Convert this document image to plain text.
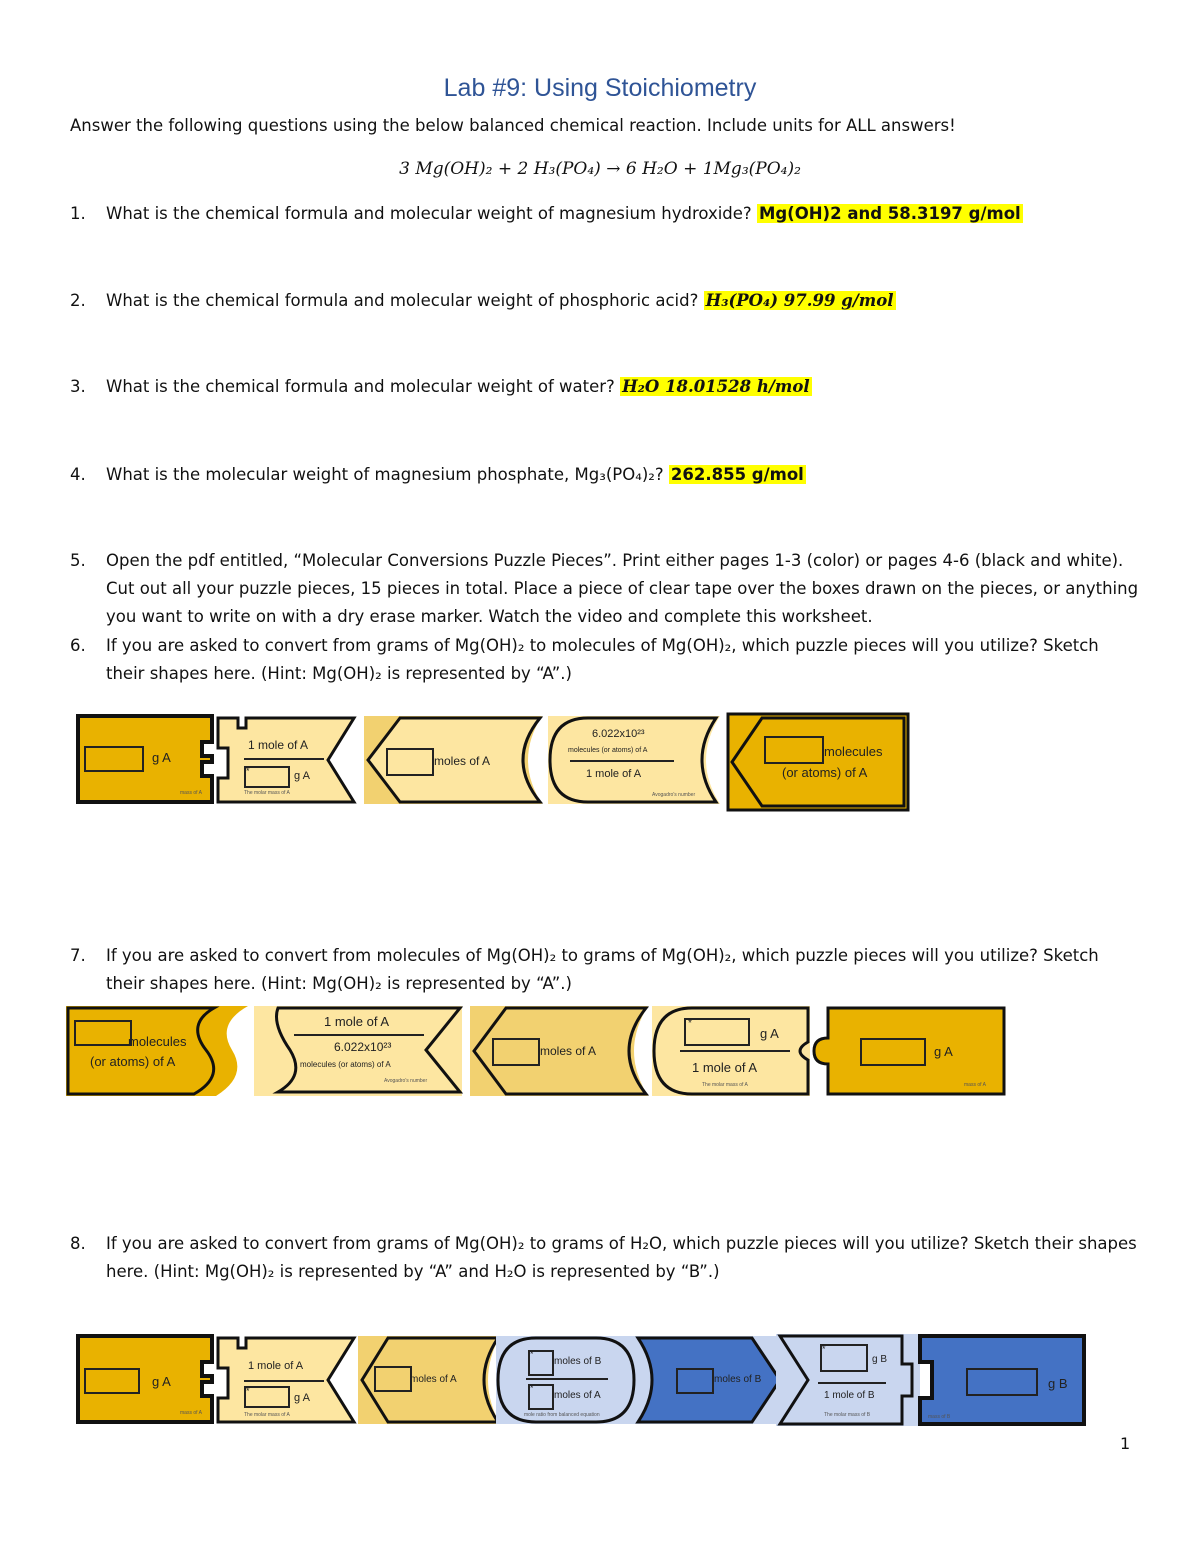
Lab #9: Using Stoichiometry
Answer the following questions using the below balanced chemical reaction. Include units for ALL answers!
3 Mg(OH)₂ + 2 H₃(PO₄) → 6 H₂O + 1Mg₃(PO₄)₂
1. What is the chemical formula and molecular weight of magnesium hydroxide? Mg(OH)2 and 58.3197 g/mol
2. What is the chemical formula and molecular weight of phosphoric acid? H₃(PO₄) 97.99 g/mol
3. What is the chemical formula and molecular weight of water? H₂O 18.01528 h/mol
4. What is the molecular weight of magnesium phosphate, Mg₃(PO₄)₂? 262.855 g/mol
5. Open the pdf entitled, “Molecular Conversions Puzzle Pieces”. Print either pages 1-3 (color) or pages 4-6 (black and white). Cut out all your puzzle pieces, 15 pieces in total. Place a piece of clear tape over the boxes drawn on the pieces, or anything you want to write on with a dry erase marker. Watch the video and complete this worksheet.
6. If you are asked to convert from grams of Mg(OH)₂ to molecules of Mg(OH)₂, which puzzle pieces will you utilize? Sketch their shapes here. (Hint: Mg(OH)₂ is represented by “A”.)
g A
mass of A
1 mole of A
*	g A
The molar mass of A
moles of A
6.022x10²³
molecules (or atoms) of A
1 mole of A
Avogadro's number
molecules
(or atoms) of A
7. If you are asked to convert from molecules of Mg(OH)₂ to grams of Mg(OH)₂, which puzzle pieces will you utilize? Sketch their shapes here. (Hint: Mg(OH)₂ is represented by “A”.)
molecules
(or atoms) of A
1 mole of A
6.022x10²³
molecules (or atoms) of A
Avogadro's number
moles of A
*
g A
1 mole of A
The molar mass of A
g A
mass of A
8. If you are asked to convert from grams of Mg(OH)₂ to grams of H₂O, which puzzle pieces will you utilize? Sketch their shapes here. (Hint: Mg(OH)₂ is represented by “A” and H₂O is represented by “B”.)
g A
mass of A
1 mole of A
*
g A
The molar mass of A
moles of A
*
moles of B
*
moles of A
mole ratio from balanced equation
moles of B
*
g B
1 mole of B
The molar mass of B
g B
mass of B
1
